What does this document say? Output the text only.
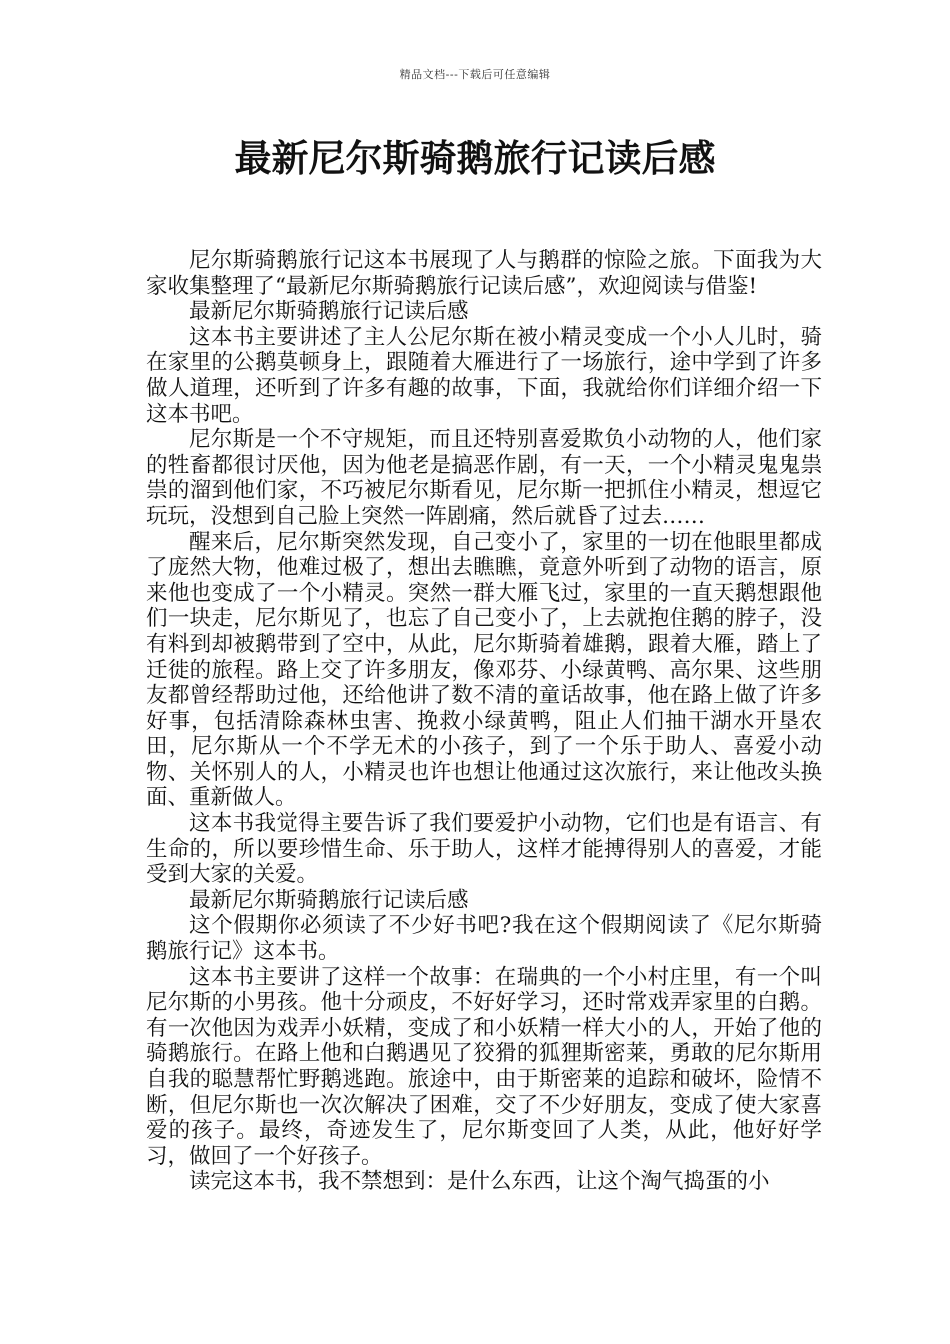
精品文档---下载后可任意编辑
最新尼尔斯骑鹅旅行记读后感

尼尔斯骑鹅旅行记这本书展现了人与鹅群的惊险之旅。下面我为大家收集整理了“最新尼尔斯骑鹅旅行记读后感”，欢迎阅读与借鉴!

最新尼尔斯骑鹅旅行记读后感

这本书主要讲述了主人公尼尔斯在被小精灵变成一个小人儿时，骑在家里的公鹅莫顿身上，跟随着大雁进行了一场旅行，途中学到了许多做人道理，还听到了许多有趣的故事，下面，我就给你们详细介绍一下这本书吧。

尼尔斯是一个不守规矩，而且还特别喜爱欺负小动物的人，他们家的牲畜都很讨厌他，因为他老是搞恶作剧，有一天，一个小精灵鬼鬼祟祟的溜到他们家，不巧被尼尔斯看见，尼尔斯一把抓住小精灵，想逗它玩玩，没想到自己脸上突然一阵剧痛，然后就昏了过去……

醒来后，尼尔斯突然发现，自己变小了，家里的一切在他眼里都成了庞然大物，他难过极了，想出去瞧瞧，竟意外听到了动物的语言，原来他也变成了一个小精灵。突然一群大雁飞过，家里的一直天鹅想跟他们一块走，尼尔斯见了，也忘了自己变小了，上去就抱住鹅的脖子，没有料到却被鹅带到了空中，从此，尼尔斯骑着雄鹅，跟着大雁，踏上了迁徙的旅程。路上交了许多朋友，像邓芬、小绿黄鸭、高尔果、这些朋友都曾经帮助过他，还给他讲了数不清的童话故事，他在路上做了许多好事，包括清除森林虫害、挽救小绿黄鸭，阻止人们抽干湖水开垦农田，尼尔斯从一个不学无术的小孩子，到了一个乐于助人、喜爱小动物、关怀别人的人，小精灵也许也想让他通过这次旅行，来让他改头换面、重新做人。

这本书我觉得主要告诉了我们要爱护小动物，它们也是有语言、有生命的，所以要珍惜生命、乐于助人，这样才能搏得别人的喜爱，才能受到大家的关爱。

最新尼尔斯骑鹅旅行记读后感

这个假期你必须读了不少好书吧?我在这个假期阅读了《尼尔斯骑鹅旅行记》这本书。

这本书主要讲了这样一个故事：在瑞典的一个小村庄里，有一个叫尼尔斯的小男孩。他十分顽皮，不好好学习，还时常戏弄家里的白鹅。有一次他因为戏弄小妖精，变成了和小妖精一样大小的人，开始了他的骑鹅旅行。在路上他和白鹅遇见了狡猾的狐狸斯密莱，勇敢的尼尔斯用自我的聪慧帮忙野鹅逃跑。旅途中，由于斯密莱的追踪和破坏，险情不断，但尼尔斯也一次次解决了困难，交了不少好朋友，变成了使大家喜爱的孩子。最终，奇迹发生了，尼尔斯变回了人类，从此，他好好学习，做回了一个好孩子。

读完这本书，我不禁想到：是什么东西，让这个淘气捣蛋的小
